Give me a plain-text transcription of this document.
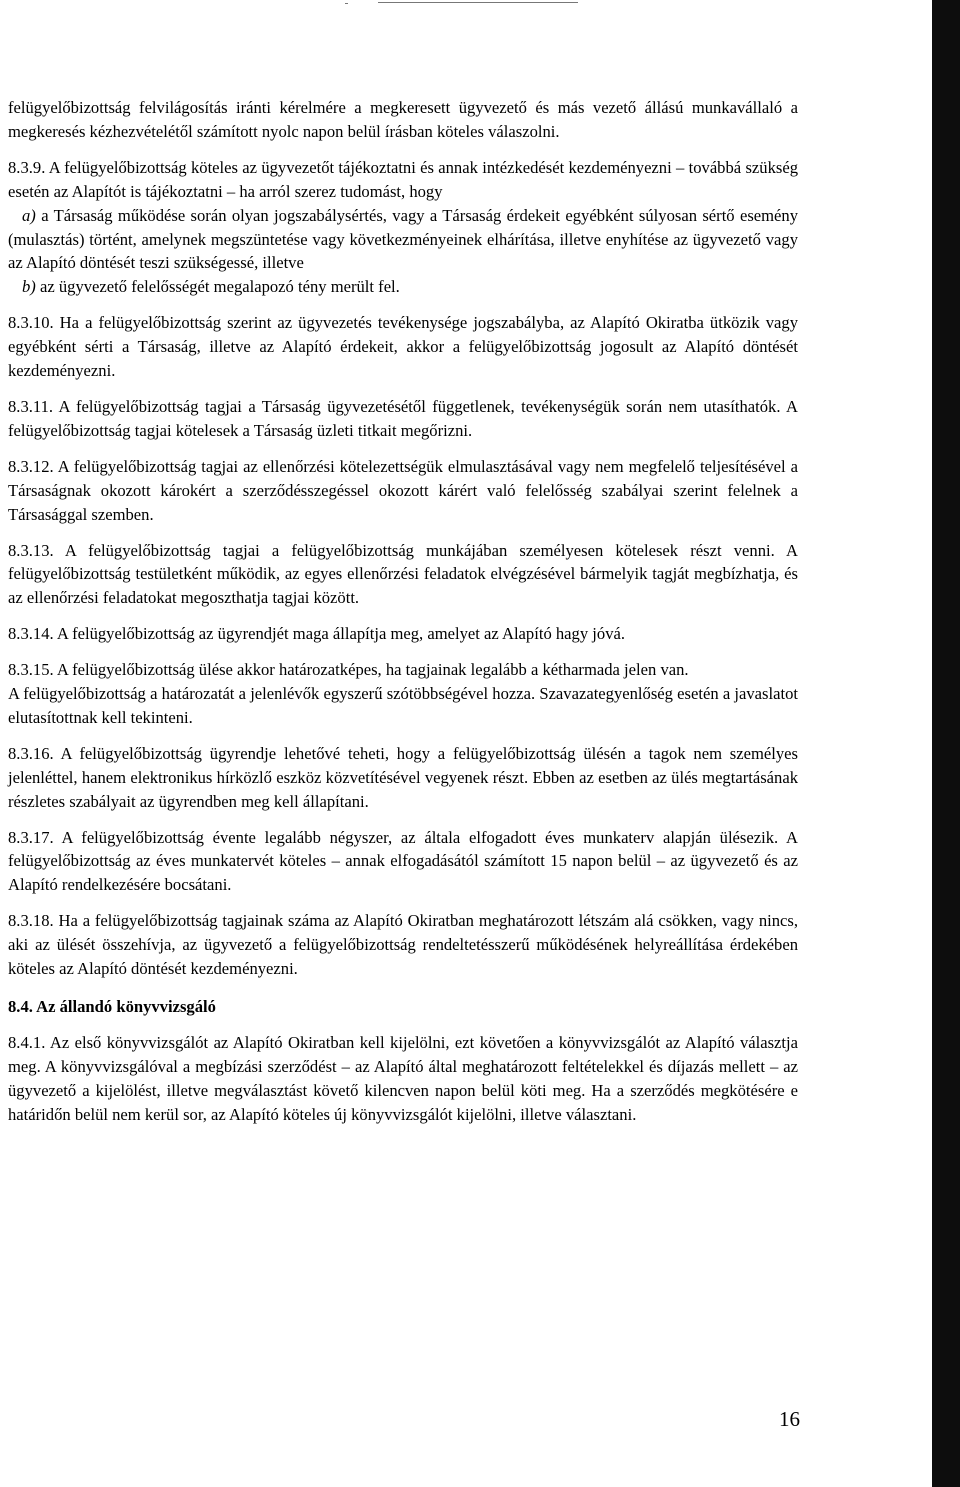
felügyelőbizottság felvilágosítás iránti kérelmére a megkeresett ügyvezető és más vezető állású munkavállaló a megkeresés kézhezvételétől számított nyolc napon belül írásban köteles válaszolni.

8.3.9. A felügyelőbizottság köteles az ügyvezetőt tájékoztatni és annak intézkedését kezdeményezni – továbbá szükség esetén az Alapítót is tájékoztatni – ha arról szerez tudomást, hogy

a) a Társaság működése során olyan jogszabálysértés, vagy a Társaság érdekeit egyébként súlyosan sértő esemény (mulasztás) történt, amelynek megszüntetése vagy következményeinek elhárítása, illetve enyhítése az ügyvezető vagy az Alapító döntését teszi szükségessé, illetve

b) az ügyvezető felelősségét megalapozó tény merült fel.

8.3.10. Ha a felügyelőbizottság szerint az ügyvezetés tevékenysége jogszabályba, az Alapító Okiratba ütközik vagy egyébként sérti a Társaság, illetve az Alapító érdekeit, akkor a felügyelőbizottság jogosult az Alapító döntését kezdeményezni.

8.3.11. A felügyelőbizottság tagjai a Társaság ügyvezetésétől függetlenek, tevékenységük során nem utasíthatók. A felügyelőbizottság tagjai kötelesek a Társaság üzleti titkait megőrizni.

8.3.12. A felügyelőbizottság tagjai az ellenőrzési kötelezettségük elmulasztásával vagy nem megfelelő teljesítésével a Társaságnak okozott károkért a szerződésszegéssel okozott kárért való felelősség szabályai szerint felelnek a Társasággal szemben.

8.3.13. A felügyelőbizottság tagjai a felügyelőbizottság munkájában személyesen kötelesek részt venni. A felügyelőbizottság testületként működik, az egyes ellenőrzési feladatok elvégzésével bármelyik tagját megbízhatja, és az ellenőrzési feladatokat megoszthatja tagjai között.

8.3.14. A felügyelőbizottság az ügyrendjét maga állapítja meg, amelyet az Alapító hagy jóvá.

8.3.15. A felügyelőbizottság ülése akkor határozatképes, ha tagjainak legalább a kétharmada jelen van.

A felügyelőbizottság a határozatát a jelenlévők egyszerű szótöbbségével hozza. Szavazategyenlőség esetén a javaslatot elutasítottnak kell tekinteni.

8.3.16. A felügyelőbizottság ügyrendje lehetővé teheti, hogy a felügyelőbizottság ülésén a tagok nem személyes jelenléttel, hanem elektronikus hírközlő eszköz közvetítésével vegyenek részt. Ebben az esetben az ülés megtartásának részletes szabályait az ügyrendben meg kell állapítani.

8.3.17. A felügyelőbizottság évente legalább négyszer, az általa elfogadott éves munkaterv alapján ülésezik. A felügyelőbizottság az éves munkatervét köteles – annak elfogadásától számított 15 napon belül – az ügyvezető és az Alapító rendelkezésére bocsátani.

8.3.18. Ha a felügyelőbizottság tagjainak száma az Alapító Okiratban meghatározott létszám alá csökken, vagy nincs, aki az ülését összehívja, az ügyvezető a felügyelőbizottság rendeltetésszerű működésének helyreállítása érdekében köteles az Alapító döntését kezdeményezni.

8.4. Az állandó könyvvizsgáló

8.4.1. Az első könyvvizsgálót az Alapító Okiratban kell kijelölni, ezt követően a könyvvizsgálót az Alapító választja meg. A könyvvizsgálóval a megbízási szerződést – az Alapító által meghatározott feltételekkel és díjazás mellett – az ügyvezető a kijelölést, illetve megválasztást követő kilencven napon belül köti meg. Ha a szerződés megkötésére e határidőn belül nem kerül sor, az Alapító köteles új könyvvizsgálót kijelölni, illetve választani.

16
